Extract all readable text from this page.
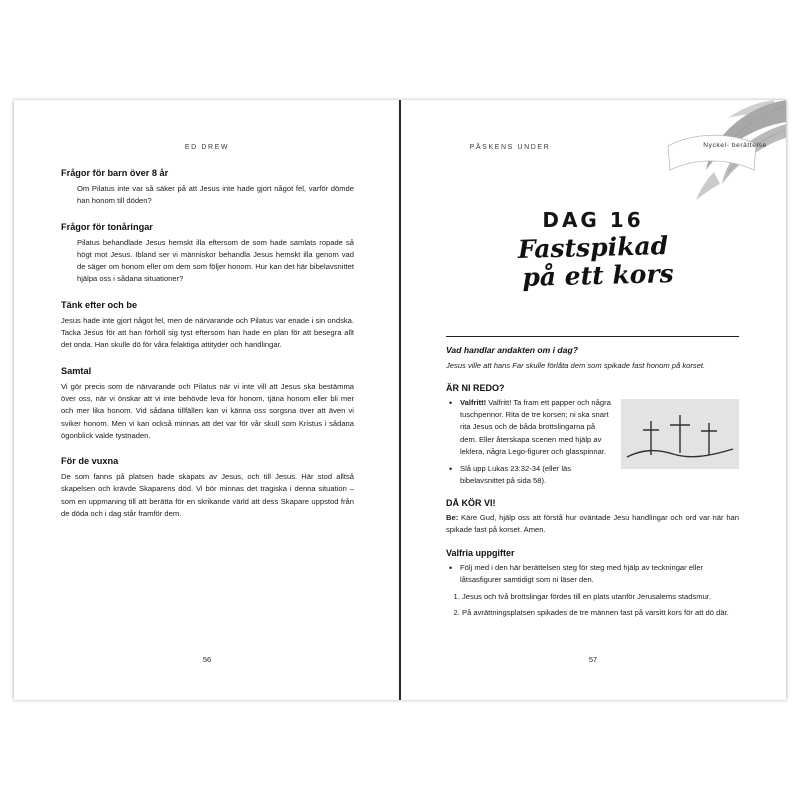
ED DREW
Frågor för barn över 8 år

Om Pilatus inte var så säker på att Jesus inte hade gjort något fel, varför dömde han honom till döden?

Frågor för tonåringar

Pilatus behandlade Jesus hemskt illa eftersom de som hade samlats ropade så högt mot Jesus. Ibland ser vi människor behandla Jesus hemskt illa genom vad de säger om honom eller om dem som följer honom. Hur kan det här bibelavsnittet hjälpa oss i sådana situationer?

Tänk efter och be

Jesus hade inte gjort något fel, men de närvarande och Pilatus var enade i sin ondska. Tacka Jesus för att han förhöll sig tyst eftersom han hade en plan för att besegra allt det onda. Han skulle dö för våra felaktiga attityder och handlingar.

Samtal

Vi gör precis som de närvarande och Pilatus när vi inte vill att Jesus ska bestämma över oss, när vi önskar att vi inte behövde leva för honom, tjäna honom eller bli mer och mer lika honom. Vid sådana tillfällen kan vi känna oss sorgsna över att även vi sviker honom. Men vi kan också minnas att det var för vår skull som Kristus i sådana ögonblick valde tystnaden.

För de vuxna

De som fanns på platsen hade skapats av Jesus, och till Jesus. Här stod alltså skapelsen och krävde Skaparens död. Vi bör minnas det tragiska i denna situation – som en uppmaning till att berätta för en skrikande värld att dess Skapare uppstod från de döda och i dag står framför dem.

56
PÅSKENS UNDER	Nyckel- berättelse
DAG 16
Fastspikad
på ett kors
Vad handlar andakten om i dag?

Jesus ville att hans Far skulle förlåta dem som spikade fast honom på korset.

ÄR NI REDO?
• Valfritt! Valfritt! Ta fram ett papper och några tuschpennor. Rita de tre korsen; ni ska snart rita Jesus och de båda brottslingarna på dem. Eller återskapa scenen med hjälp av leklera, några Lego-figurer och glasspinnar.
• Slå upp Lukas 23:32-34 (eller läs bibelavsnittet på sida 58).
DÅ KÖR VI!

Be: Käre Gud, hjälp oss att förstå hur oväntade Jesu handlingar och ord var när han spikade fast på korset. Amen.

Valfria uppgifter
• Följ med i den här berättelsen steg för steg med hjälp av teckningar eller låtsasfigurer samtidigt som ni läser den.
1. Jesus och två brottslingar fördes till en plats utanför Jerusalems stadsmur.
2. På avrättningsplatsen spikades de tre männen fast på varsitt kors för att dö där.
57
